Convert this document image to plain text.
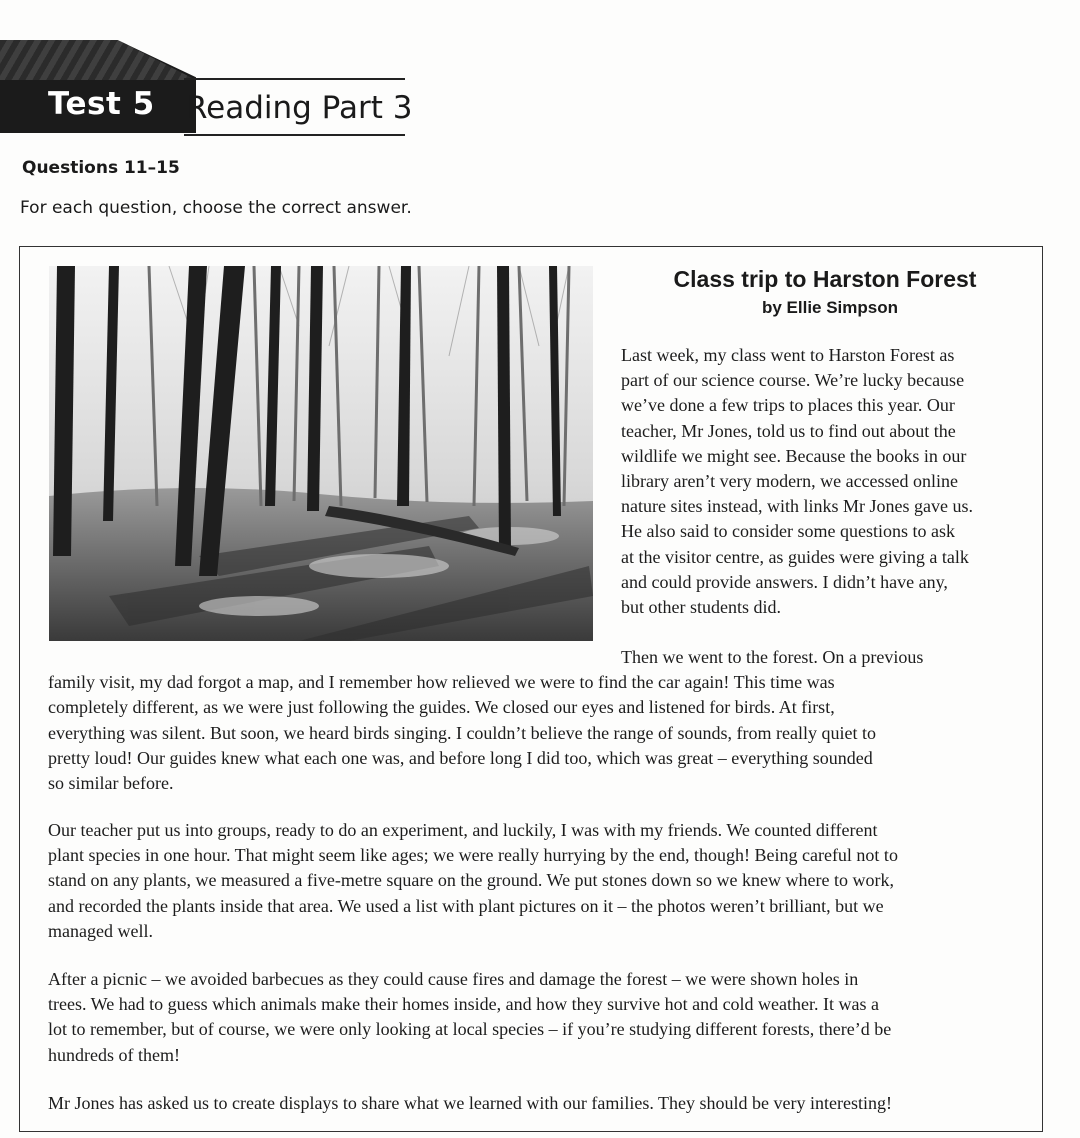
Test 5 Reading Part 3
Questions 11–15
For each question, choose the correct answer.
Class trip to Harston Forest
by Ellie Simpson
Last week, my class went to Harston Forest as
part of our science course. We’re lucky because
we’ve done a few trips to places this year. Our
teacher, Mr Jones, told us to find out about the
wildlife we might see. Because the books in our
library aren’t very modern, we accessed online
nature sites instead, with links Mr Jones gave us.
He also said to consider some questions to ask
at the visitor centre, as guides were giving a talk
and could provide answers. I didn’t have any,
but other students did.
Then we went to the forest. On a previous
family visit, my dad forgot a map, and I remember how relieved we were to find the car again! This time was
completely different, as we were just following the guides. We closed our eyes and listened for birds. At first,
everything was silent. But soon, we heard birds singing. I couldn’t believe the range of sounds, from really quiet to
pretty loud! Our guides knew what each one was, and before long I did too, which was great – everything sounded
so similar before.
Our teacher put us into groups, ready to do an experiment, and luckily, I was with my friends. We counted different
plant species in one hour. That might seem like ages; we were really hurrying by the end, though! Being careful not to
stand on any plants, we measured a five-metre square on the ground. We put stones down so we knew where to work,
and recorded the plants inside that area. We used a list with plant pictures on it – the photos weren’t brilliant, but we
managed well.
After a picnic – we avoided barbecues as they could cause fires and damage the forest – we were shown holes in
trees. We had to guess which animals make their homes inside, and how they survive hot and cold weather. It was a
lot to remember, but of course, we were only looking at local species – if you’re studying different forests, there’d be
hundreds of them!
Mr Jones has asked us to create displays to share what we learned with our families. They should be very interesting!
